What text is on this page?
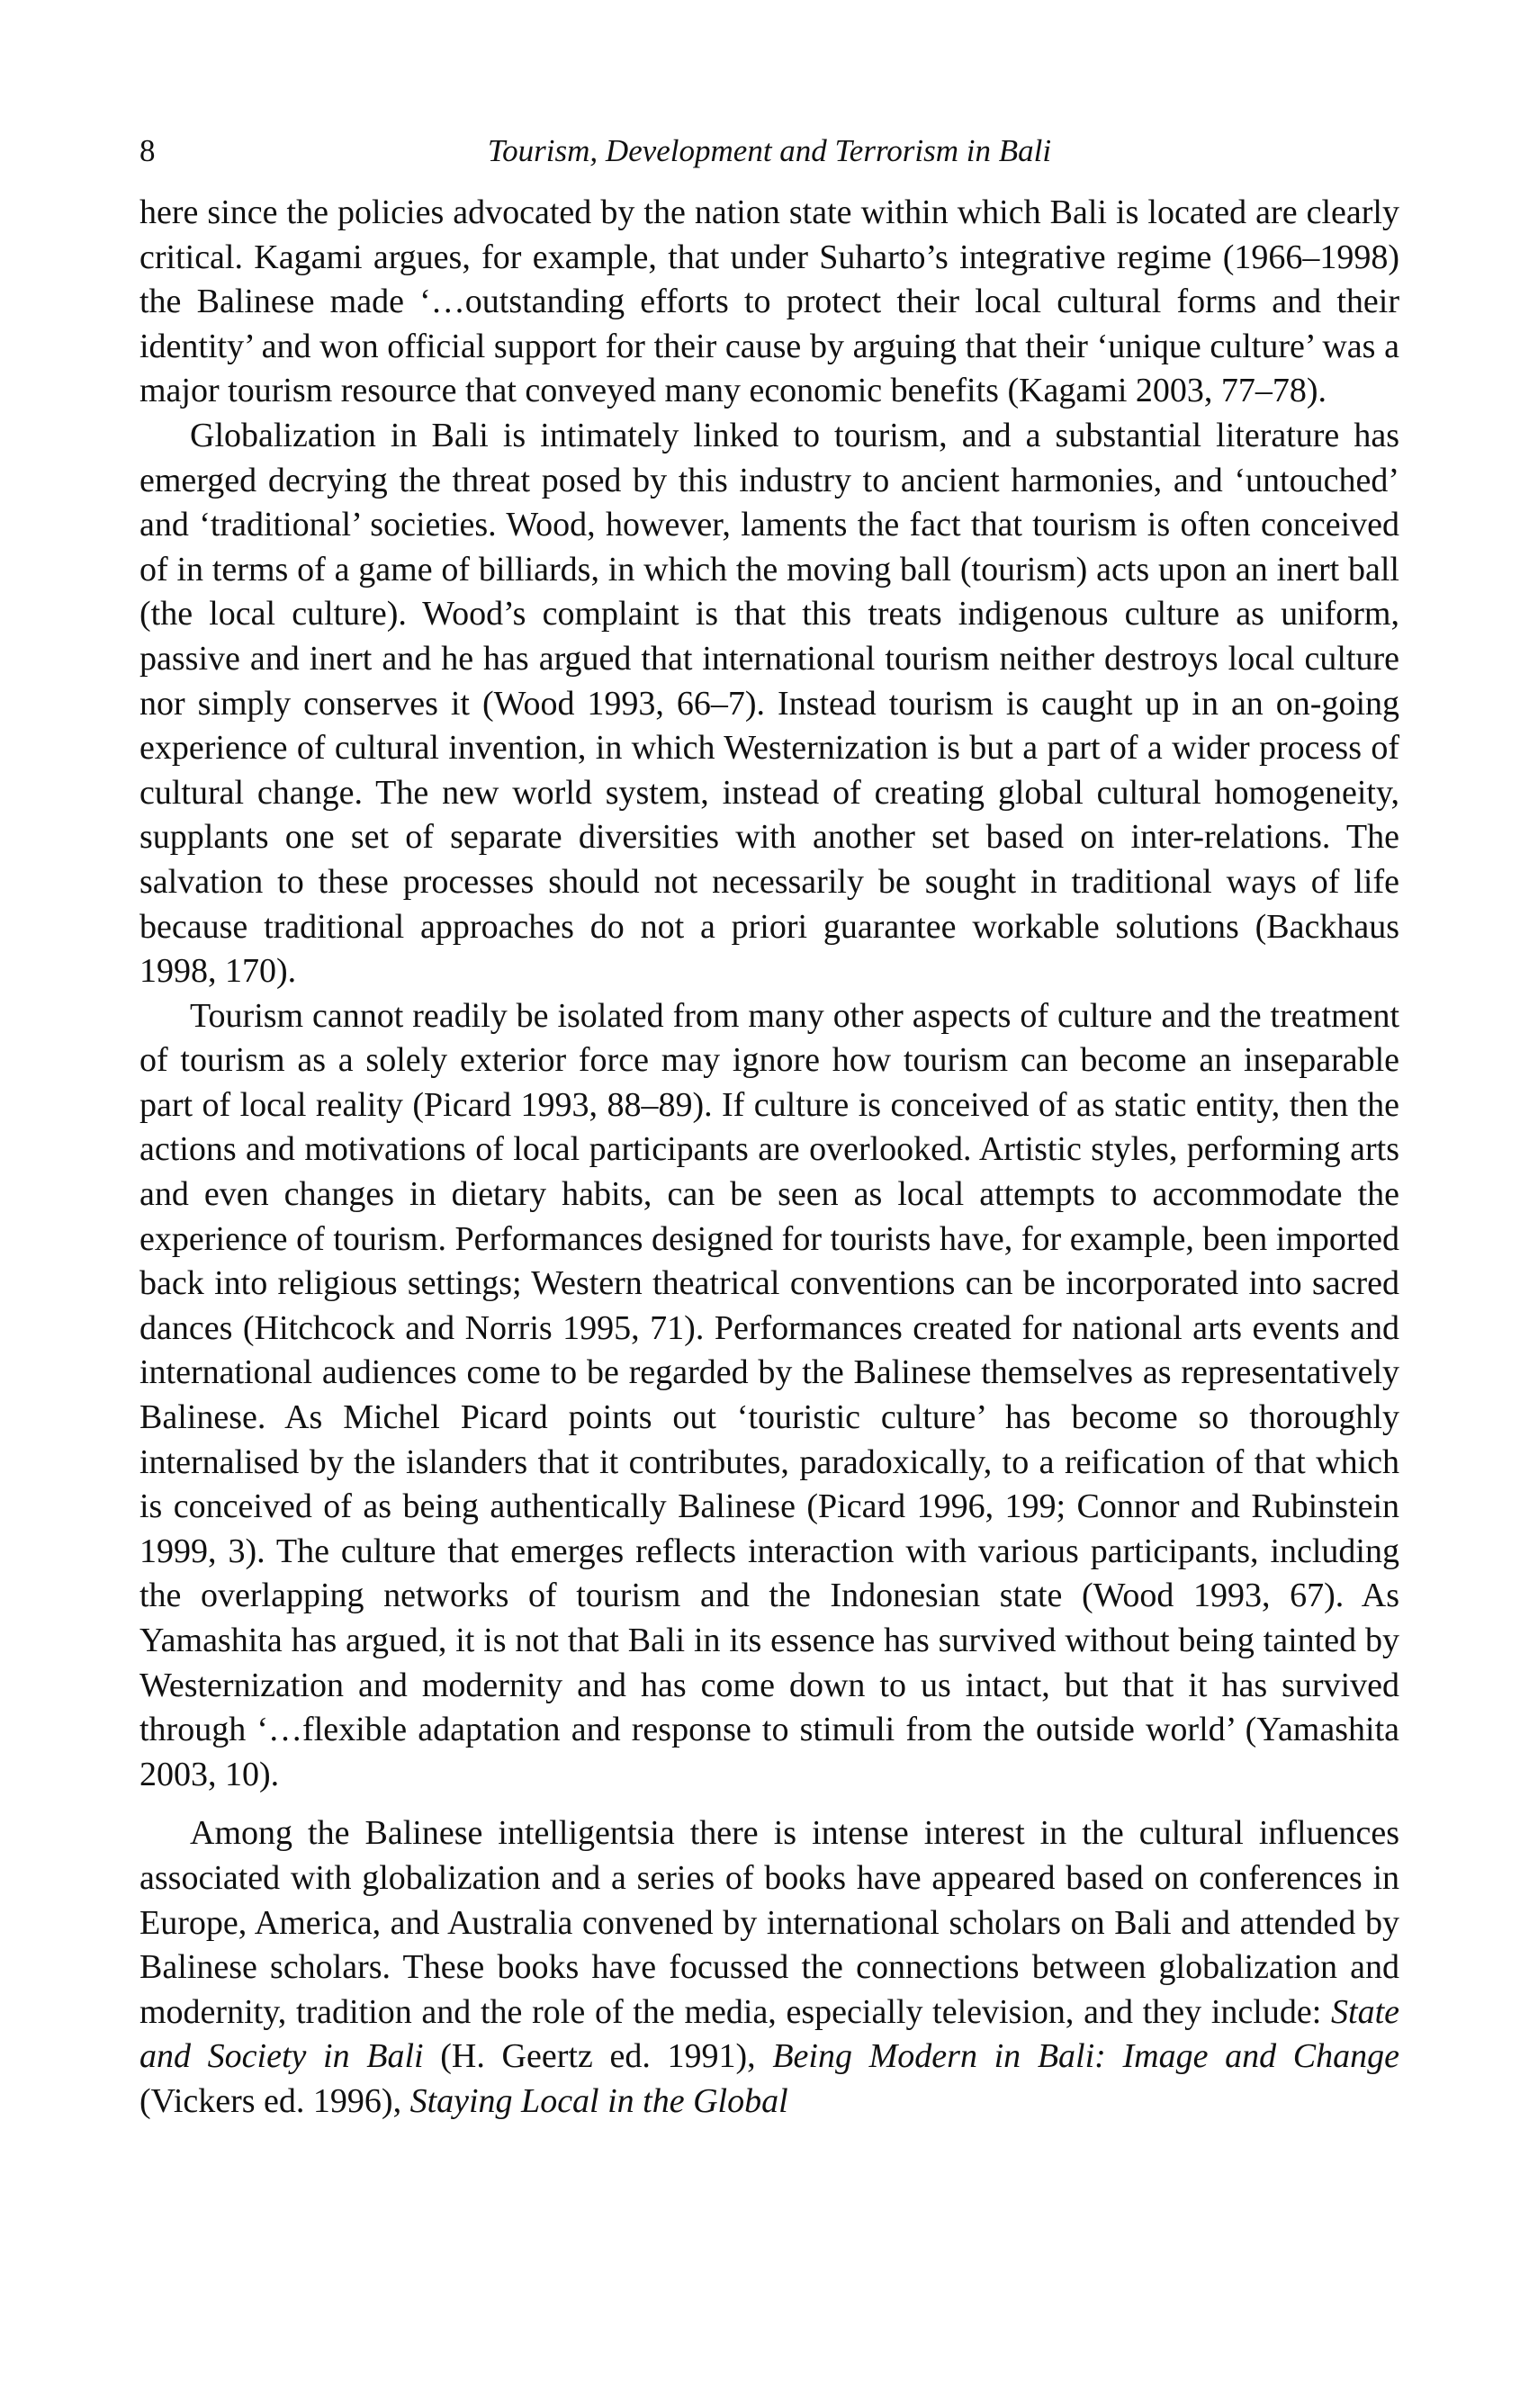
8	Tourism, Development and Terrorism in Bali

here since the policies advocated by the nation state within which Bali is located are clearly critical. Kagami argues, for example, that under Suharto’s integrative regime (1966–1998) the Balinese made ‘…outstanding efforts to protect their local cultural forms and their identity’ and won official support for their cause by arguing that their ‘unique culture’ was a major tourism resource that conveyed many economic benefits (Kagami 2003, 77–78).

Globalization in Bali is intimately linked to tourism, and a substantial literature has emerged decrying the threat posed by this industry to ancient harmonies, and ‘untouched’ and ‘traditional’ societies. Wood, however, laments the fact that tourism is often conceived of in terms of a game of billiards, in which the moving ball (tourism) acts upon an inert ball (the local culture). Wood’s complaint is that this treats indigenous culture as uniform, passive and inert and he has argued that international tourism neither destroys local culture nor simply conserves it (Wood 1993, 66–7). Instead tourism is caught up in an on-going experience of cultural invention, in which Westernization is but a part of a wider process of cultural change. The new world system, instead of creating global cultural homogeneity, supplants one set of separate diversities with another set based on inter-relations. The salvation to these processes should not necessarily be sought in traditional ways of life because traditional approaches do not a priori guarantee workable solutions (Backhaus 1998, 170).

Tourism cannot readily be isolated from many other aspects of culture and the treatment of tourism as a solely exterior force may ignore how tourism can become an inseparable part of local reality (Picard 1993, 88–89). If culture is conceived of as static entity, then the actions and motivations of local participants are overlooked. Artistic styles, performing arts and even changes in dietary habits, can be seen as local attempts to accommodate the experience of tourism. Performances designed for tourists have, for example, been imported back into religious settings; Western theatrical conventions can be incorporated into sacred dances (Hitchcock and Norris 1995, 71). Performances created for national arts events and international audiences come to be regarded by the Balinese themselves as representatively Balinese. As Michel Picard points out ‘touristic culture’ has become so thoroughly internalised by the islanders that it contributes, paradoxically, to a reification of that which is conceived of as being authentically Balinese (Picard 1996, 199; Connor and Rubinstein 1999, 3). The culture that emerges reflects interaction with various participants, including the overlapping networks of tourism and the Indonesian state (Wood 1993, 67). As Yamashita has argued, it is not that Bali in its essence has survived without being tainted by Westernization and modernity and has come down to us intact, but that it has survived through ‘…flexible adaptation and response to stimuli from the outside world’ (Yamashita 2003, 10).

Among the Balinese intelligentsia there is intense interest in the cultural influences associated with globalization and a series of books have appeared based on conferences in Europe, America, and Australia convened by international scholars on Bali and attended by Balinese scholars. These books have focussed the connections between globalization and modernity, tradition and the role of the media, especially television, and they include: State and Society in Bali (H. Geertz ed. 1991), Being Modern in Bali: Image and Change (Vickers ed. 1996), Staying Local in the Global
